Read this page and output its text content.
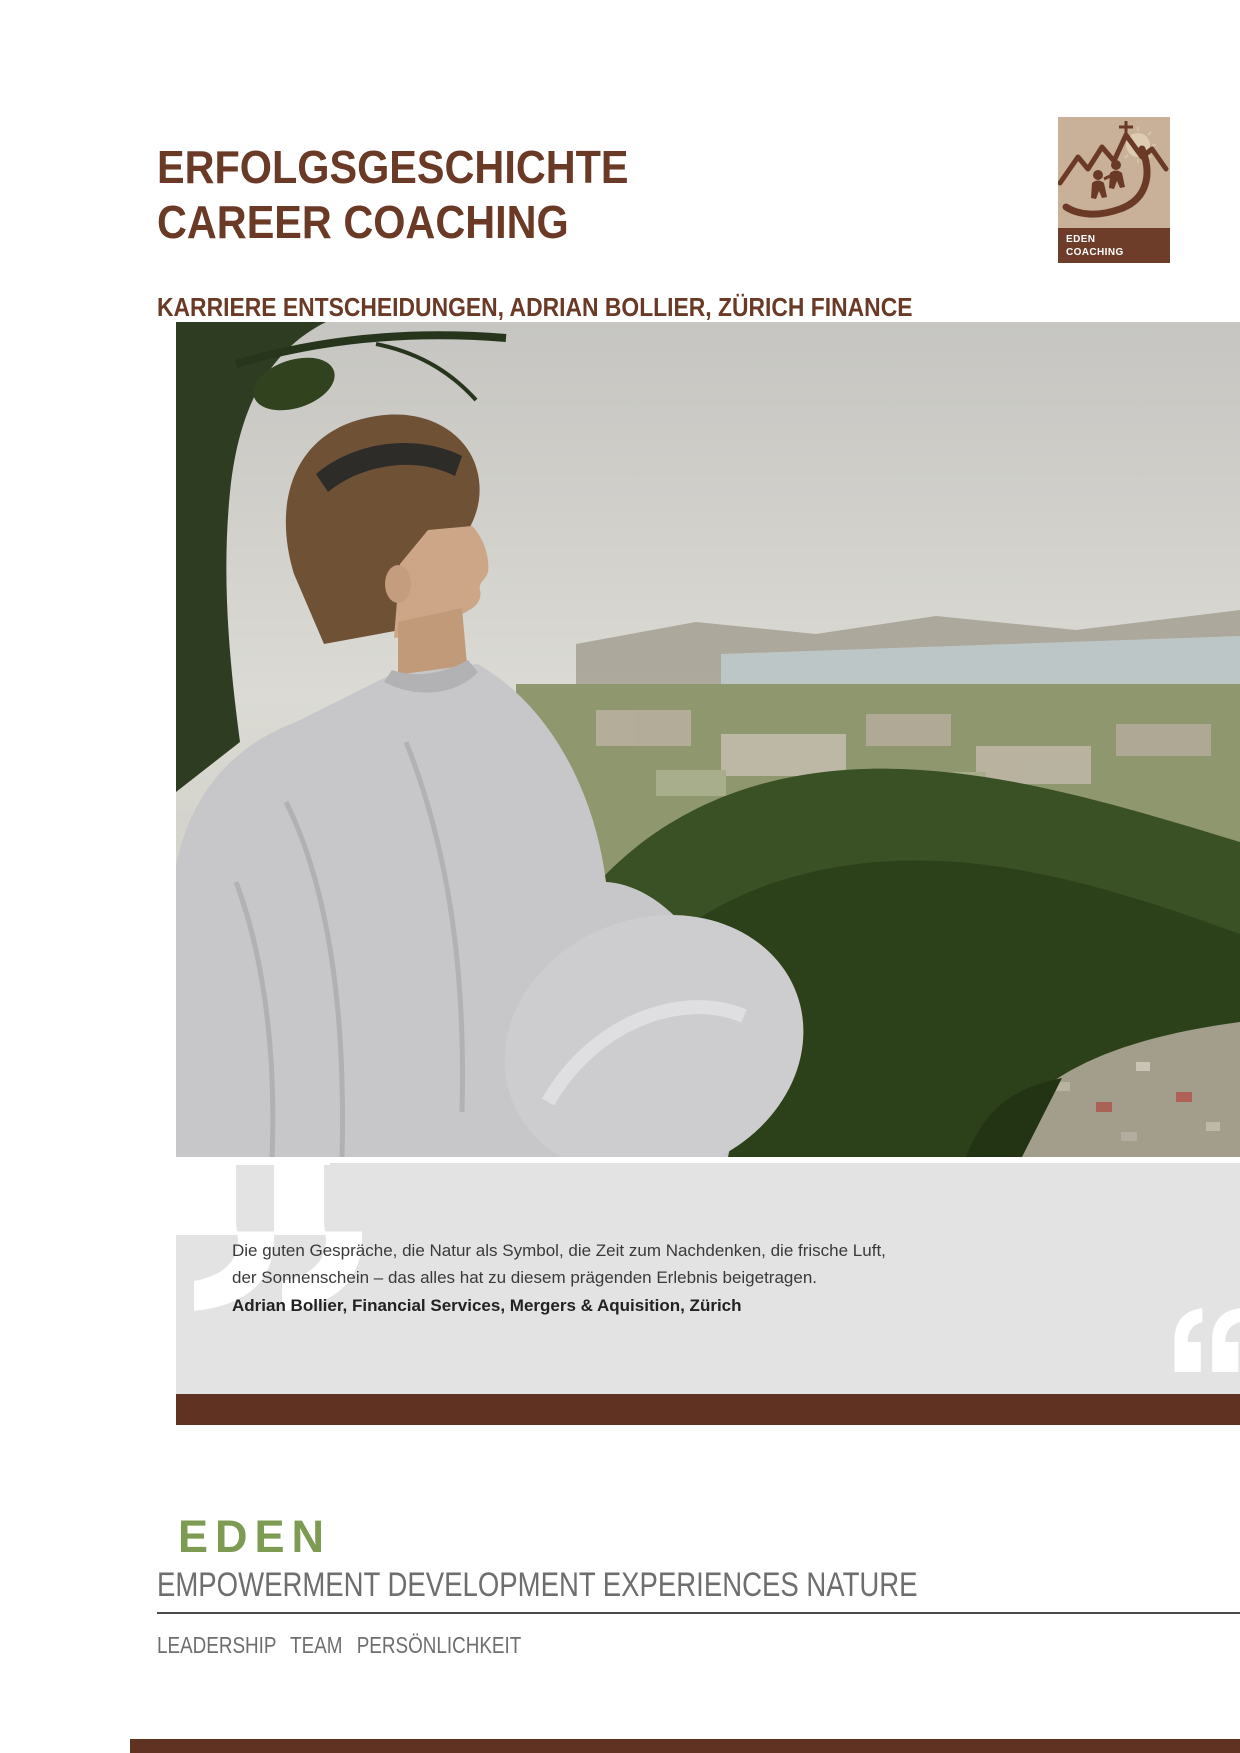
ERFOLGSGESCHICHTE
CAREER COACHING
KARRIERE ENTSCHEIDUNGEN, ADRIAN BOLLIER, ZÜRICH FINANCE
EDEN
COACHING
Die guten Gespräche, die Natur als Symbol, die Zeit zum Nachdenken, die frische Luft,
der Sonnenschein – das alles hat zu diesem prägenden Erlebnis beigetragen.
Adrian Bollier, Financial Services, Mergers & Aquisition, Zürich
EDEN
EMPOWERMENT DEVELOPMENT EXPERIENCES NATURE
LEADERSHIP TEAM PERSÖNLICHKEIT
